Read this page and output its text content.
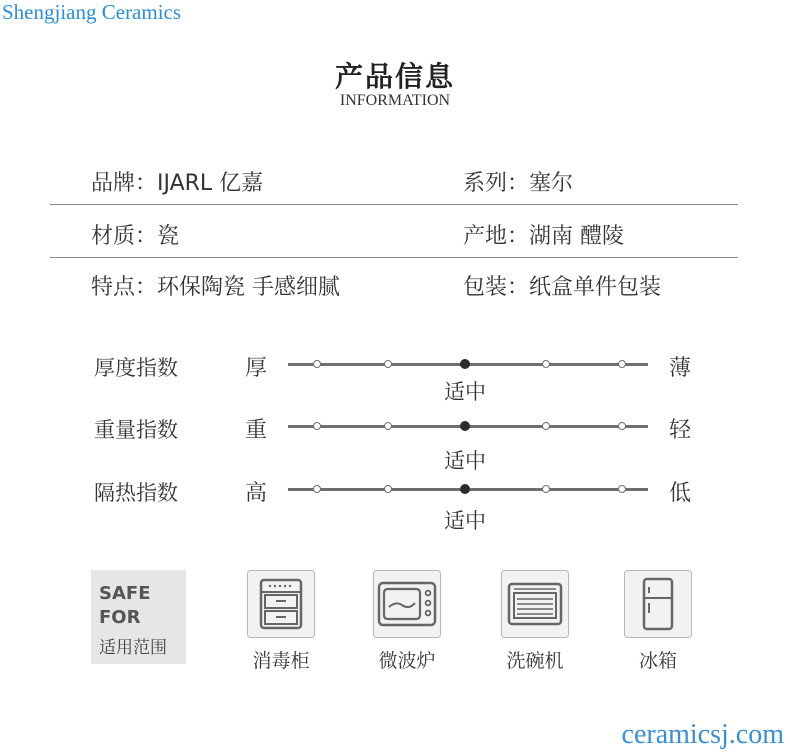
Shengjiang Ceramics
产品信息
INFORMATION
品牌：IJARL 亿嘉	系列：塞尔
材质：瓷	产地：湖南 醴陵
特点：环保陶瓷 手感细腻	包装：纸盒单件包装
厚度指数	厚	薄
适中
重量指数	重	轻
适中
隔热指数	高	低
适中
SAFE
FOR
适用范围
消毒柜	微波炉	洗碗机	冰箱
ceramicsj.com
